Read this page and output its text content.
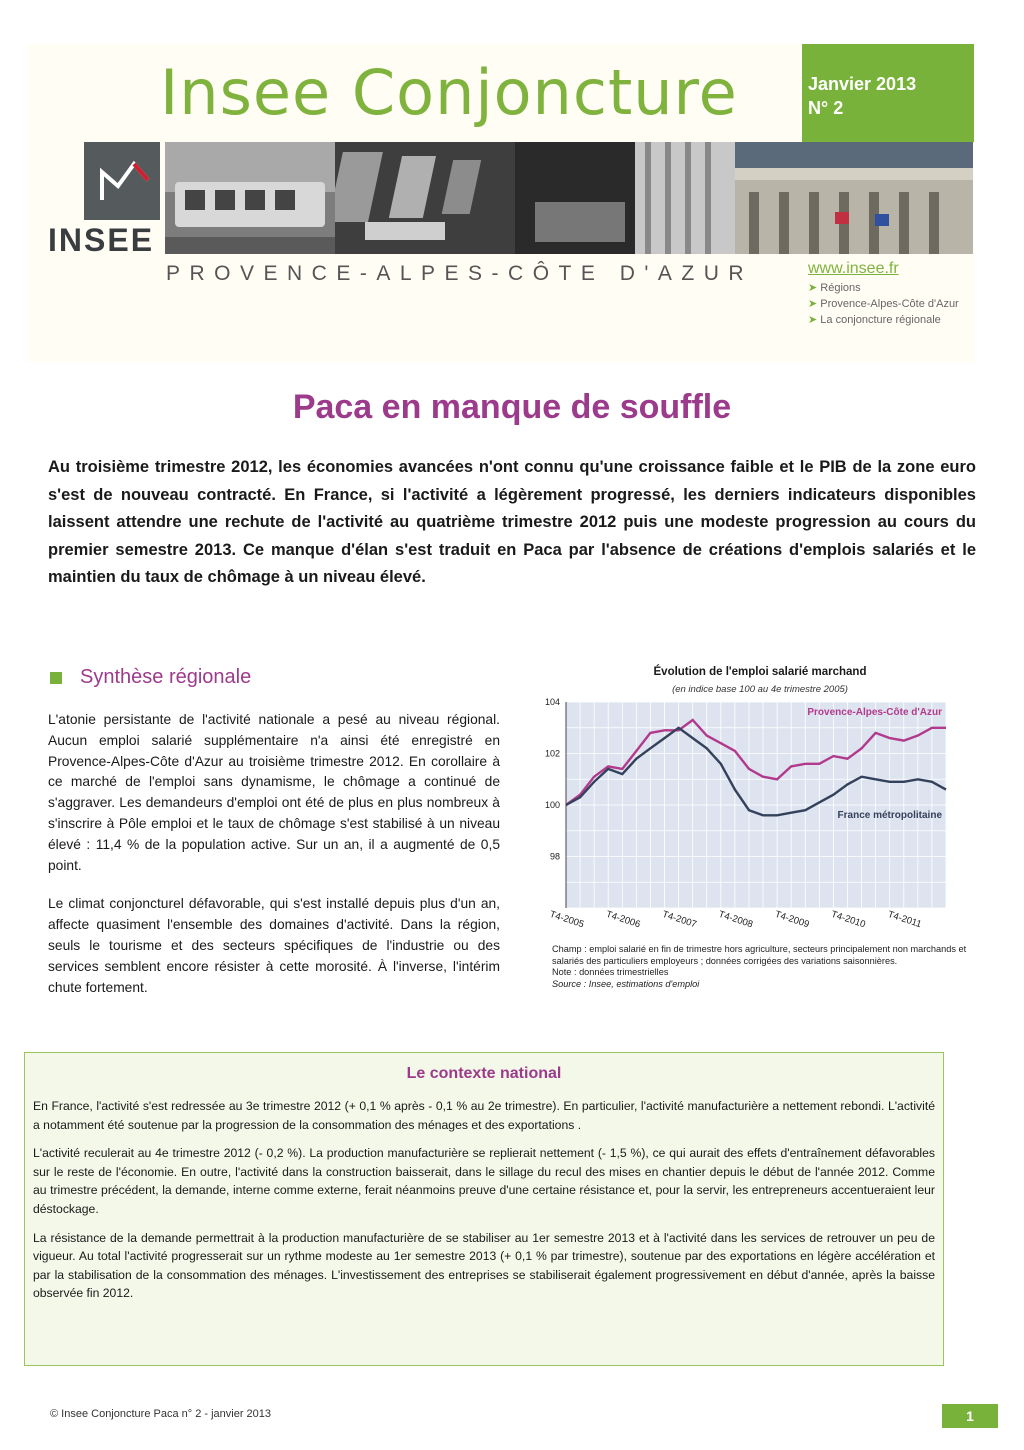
Insee Conjoncture	Janvier 2013
N° 2
INSEE
PROVENCE-ALPES-CÔTE D'AZUR	www.insee.fr
➤ Régions
➤ Provence-Alpes-Côte d'Azur
➤ La conjoncture régionale
Paca en manque de souffle
Au troisième trimestre 2012, les économies avancées n'ont connu qu'une croissance faible et le PIB de la zone euro s'est de nouveau contracté. En France, si l'activité a légèrement progressé, les derniers indicateurs disponibles laissent attendre une rechute de l'activité au quatrième trimestre 2012 puis une modeste progression au cours du premier semestre 2013. Ce manque d'élan s'est traduit en Paca par l'absence de créations d'emplois salariés et le maintien du taux de chômage à un niveau élevé.
Synthèse régionale

L'atonie persistante de l'activité nationale a pesé au niveau régional. Aucun emploi salarié supplémentaire n'a ainsi été enregistré en Provence-Alpes-Côte d'Azur au troisième trimestre 2012. En corollaire à ce marché de l'emploi sans dynamisme, le chômage a continué de s'aggraver. Les demandeurs d'emploi ont été de plus en plus nombreux à s'inscrire à Pôle emploi et le taux de chômage s'est stabilisé à un niveau élevé : 11,4 % de la population active. Sur un an, il a augmenté de 0,5 point.

Le climat conjoncturel défavorable, qui s'est installé depuis plus d'un an, affecte quasiment l'ensemble des domaines d'activité. Dans la région, seuls le tourisme et des secteurs spécifiques de l'industrie ou des services semblent encore résister à cette morosité. À l'inverse, l'intérim chute fortement.

Évolution de l'emploi salarié marchand
(en indice base 100 au 4e trimestre 2005)
98
100
102
104
T4-2005 T4-2006 T4-2007 T4-2008 T4-2009 T4-2010 T4-2011
Provence-Alpes-Côte d'Azur
France métropolitaine
Champ : emploi salarié en fin de trimestre hors agriculture, secteurs principalement non marchands et salariés des particuliers employeurs ; données corrigées des variations saisonnières.
Note : données trimestrielles
Source : Insee, estimations d'emploi
Le contexte national

En France, l'activité s'est redressée au 3e trimestre 2012 (+ 0,1 % après - 0,1 % au 2e trimestre). En particulier, l'activité manufacturière a nettement rebondi. L'activité a notamment été soutenue par la progression de la consommation des ménages et des exportations .

L'activité reculerait au 4e trimestre 2012 (- 0,2 %). La production manufacturière se replierait nettement (- 1,5 %), ce qui aurait des effets d'entraînement défavorables sur le reste de l'économie. En outre, l'activité dans la construction baisserait, dans le sillage du recul des mises en chantier depuis le début de l'année 2012. Comme au trimestre précédent, la demande, interne comme externe, ferait néanmoins preuve d'une certaine résistance et, pour la servir, les entrepreneurs accentueraient leur déstockage.

La résistance de la demande permettrait à la production manufacturière de se stabiliser au 1er semestre 2013 et à l'activité dans les services de retrouver un peu de vigueur. Au total l'activité progresserait sur un rythme modeste au 1er semestre 2013 (+ 0,1 % par trimestre), soutenue par des exportations en légère accélération et par la stabilisation de la consommation des ménages. L'investissement des entreprises se stabiliserait également progressivement en début d'année, après la baisse observée fin 2012.

© Insee Conjoncture Paca n° 2 - janvier 2013	1
